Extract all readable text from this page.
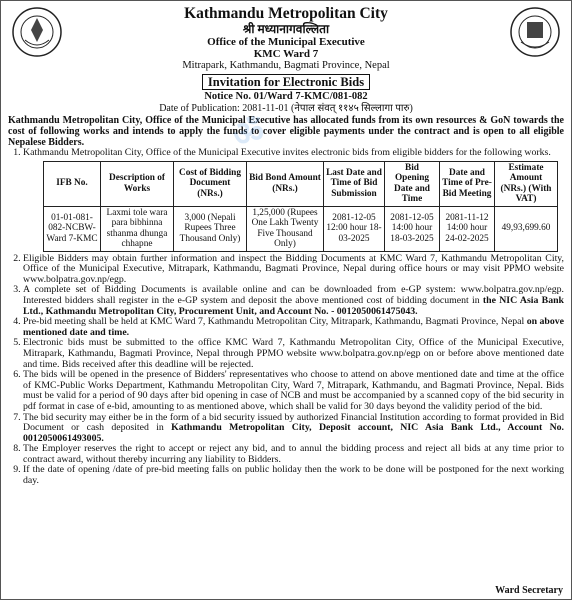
ॐ
Kathmandu Metropolitan City
श्री मध्यानागवल्लिता
Office of the Municipal Executive
KMC Ward 7
Mitrapark, Kathmandu, Bagmati Province, Nepal
Invitation for Electronic Bids
Notice No. 01/Ward 7-KMC/081-082
Date of Publication: 2081-11-01 (नेपाल संवत् ११४५ सिल्लागा पारु)
Kathmandu Metropolitan City, Office of the Municipal Executive has allocated funds from its own resources & GoN towards the cost of following works and intends to apply the funds to cover eligible payments under the contract and is open to all eligible Nepalese Bidders.
1. Kathmandu Metropolitan City, Office of the Municipal Executive invites electronic bids from eligible bidders for the following works.
IFB No.	Description of Works	Cost of Bidding Document (NRs.)	Bid Bond Amount (NRs.)	Last Date and Time of Bid Submission	Bid Opening Date and Time	Date and Time of Pre-Bid Meeting	Estimate Amount (NRs.) (With VAT)
01-01-081-082-NCBW-Ward 7-KMC	Laxmi tole wara para bibhinna sthanma dhunga chhapne	3,000 (Nepali Rupees Three Thousand Only)	1,25,000 (Rupees One Lakh Twenty Five Thousand Only)	2081-12-05 12:00 hour 18-03-2025	2081-12-05 14:00 hour 18-03-2025	2081-11-12 14:00 hour 24-02-2025	49,93,699.60
2. Eligible Bidders may obtain further information and inspect the Bidding Documents at KMC Ward 7, Kathmandu Metropolitan City, Office of the Municipal Executive, Mitrapark, Kathmandu, Bagmati Province, Nepal during office hours or may visit PPMO website www.bolpatra.gov.np/egp.
3. A complete set of Bidding Documents is available online and can be downloaded from e-GP system: www.bolpatra.gov.np/egp. Interested bidders shall register in the e-GP system and deposit the above mentioned cost of bidding document in the NIC Asia Bank Ltd., Kathmandu Metropolitan City, Procurement Unit, and Account No. - 0012050061475043.
4. Pre-bid meeting shall be held at KMC Ward 7, Kathmandu Metropolitan City, Mitrapark, Kathmandu, Bagmati Province, Nepal on above mentioned date and time.
5. Electronic bids must be submitted to the office KMC Ward 7, Kathmandu Metropolitan City, Office of the Municipal Executive, Mitrapark, Kathmandu, Bagmati Province, Nepal through PPMO website www.bolpatra.gov.np/egp on or before above mentioned date and time. Bids received after this deadline will be rejected.
6. The bids will be opened in the presence of Bidders' representatives who choose to attend on above mentioned date and time at the office of KMC-Public Works Department, Kathmandu Metropolitan City, Ward 7, Mitrapark, Kathmandu, and Bagmati Province, Nepal. Bids must be valid for a period of 90 days after bid opening in case of NCB and must be accompanied by a scanned copy of the bid security in pdf format in case of e-bid, amounting to as mentioned above, which shall be valid for 30 days beyond the validity period of the bid.
7. The bid security may either be in the form of a bid security issued by authorized Financial Institution according to format provided in Bid Document or cash deposited in Kathmandu Metropolitan City, Deposit account, NIC Asia Bank Ltd., Account No. 0012050061493005.
8. The Employer reserves the right to accept or reject any bid, and to annul the bidding process and reject all bids at any time prior to contract award, without thereby incurring any liability to Bidders.
9. If the date of opening /date of pre-bid meeting falls on public holiday then the work to be done will be postponed for the next working day.
Ward Secretary
